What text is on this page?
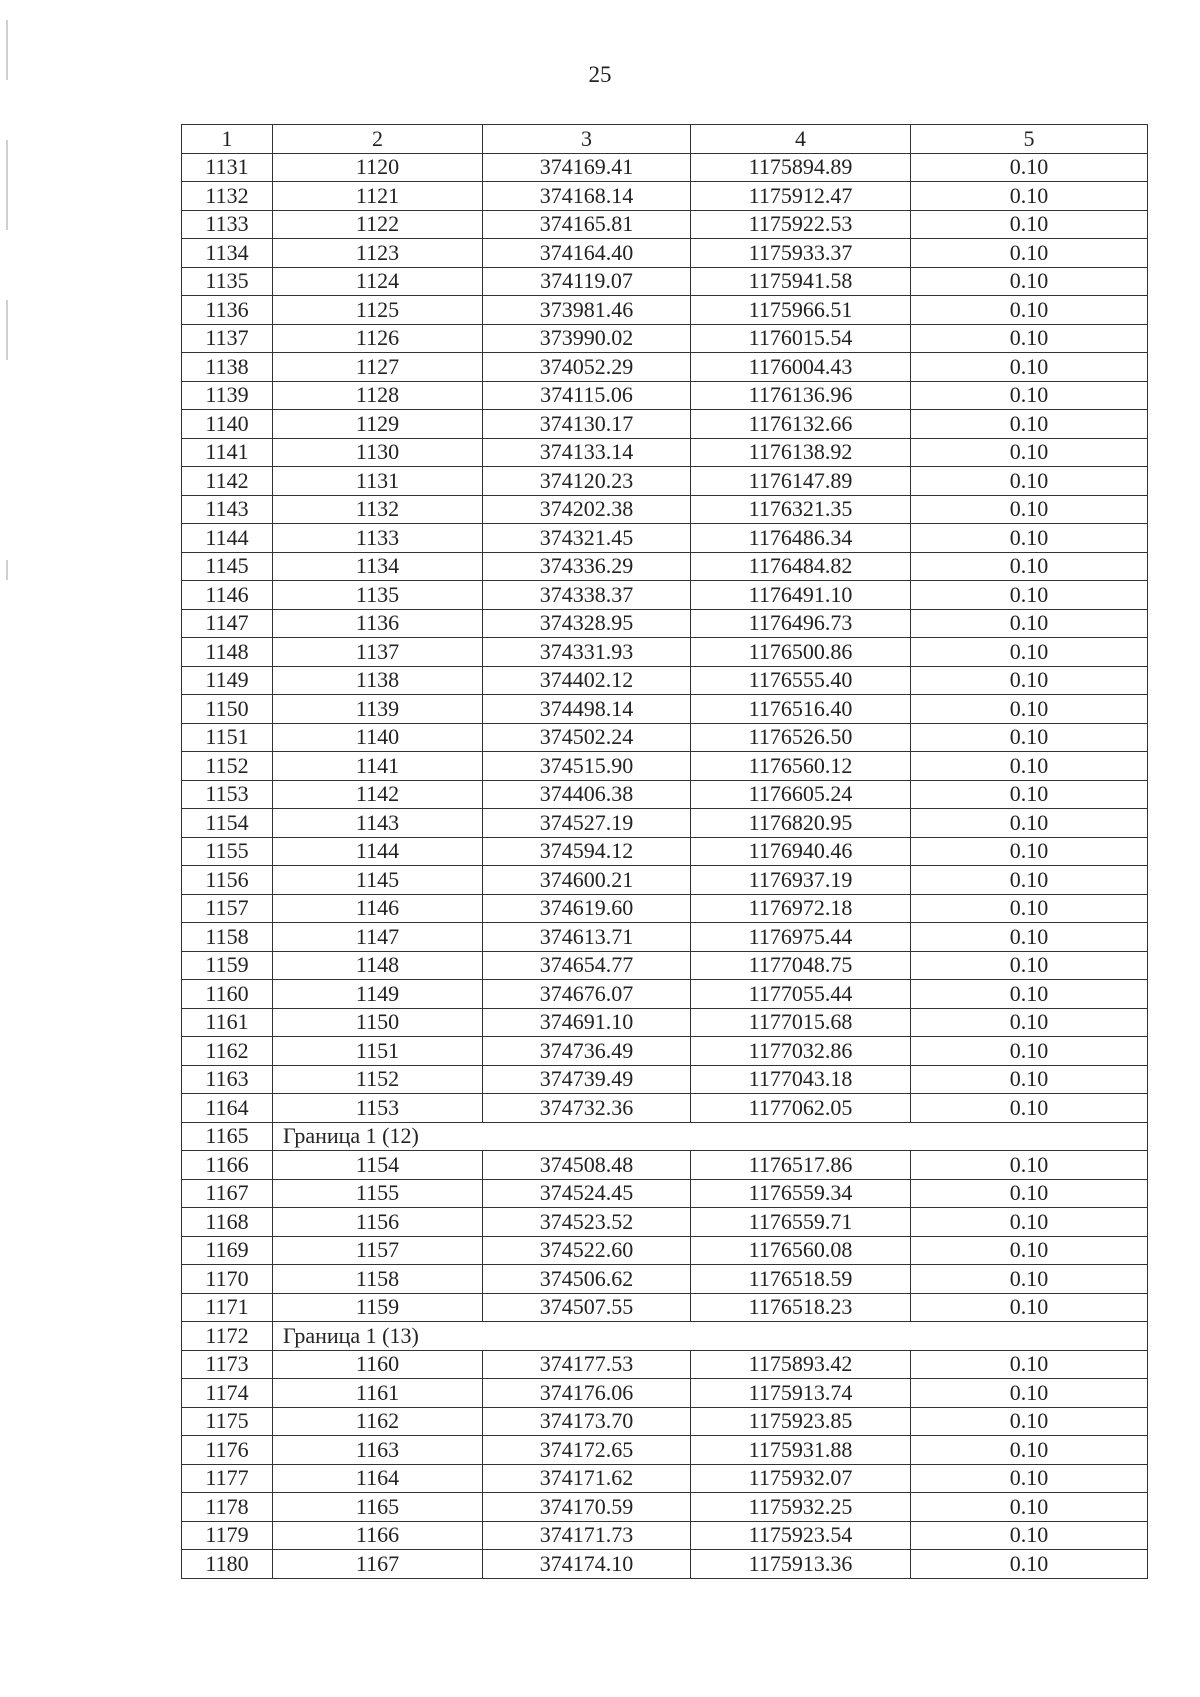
25
1	2	3	4	5
1131	1120	374169.41	1175894.89	0.10
1132	1121	374168.14	1175912.47	0.10
1133	1122	374165.81	1175922.53	0.10
1134	1123	374164.40	1175933.37	0.10
1135	1124	374119.07	1175941.58	0.10
1136	1125	373981.46	1175966.51	0.10
1137	1126	373990.02	1176015.54	0.10
1138	1127	374052.29	1176004.43	0.10
1139	1128	374115.06	1176136.96	0.10
1140	1129	374130.17	1176132.66	0.10
1141	1130	374133.14	1176138.92	0.10
1142	1131	374120.23	1176147.89	0.10
1143	1132	374202.38	1176321.35	0.10
1144	1133	374321.45	1176486.34	0.10
1145	1134	374336.29	1176484.82	0.10
1146	1135	374338.37	1176491.10	0.10
1147	1136	374328.95	1176496.73	0.10
1148	1137	374331.93	1176500.86	0.10
1149	1138	374402.12	1176555.40	0.10
1150	1139	374498.14	1176516.40	0.10
1151	1140	374502.24	1176526.50	0.10
1152	1141	374515.90	1176560.12	0.10
1153	1142	374406.38	1176605.24	0.10
1154	1143	374527.19	1176820.95	0.10
1155	1144	374594.12	1176940.46	0.10
1156	1145	374600.21	1176937.19	0.10
1157	1146	374619.60	1176972.18	0.10
1158	1147	374613.71	1176975.44	0.10
1159	1148	374654.77	1177048.75	0.10
1160	1149	374676.07	1177055.44	0.10
1161	1150	374691.10	1177015.68	0.10
1162	1151	374736.49	1177032.86	0.10
1163	1152	374739.49	1177043.18	0.10
1164	1153	374732.36	1177062.05	0.10
1165	Граница 1 (12)			
1166	1154	374508.48	1176517.86	0.10
1167	1155	374524.45	1176559.34	0.10
1168	1156	374523.52	1176559.71	0.10
1169	1157	374522.60	1176560.08	0.10
1170	1158	374506.62	1176518.59	0.10
1171	1159	374507.55	1176518.23	0.10
1172	Граница 1 (13)			
1173	1160	374177.53	1175893.42	0.10
1174	1161	374176.06	1175913.74	0.10
1175	1162	374173.70	1175923.85	0.10
1176	1163	374172.65	1175931.88	0.10
1177	1164	374171.62	1175932.07	0.10
1178	1165	374170.59	1175932.25	0.10
1179	1166	374171.73	1175923.54	0.10
1180	1167	374174.10	1175913.36	0.10
